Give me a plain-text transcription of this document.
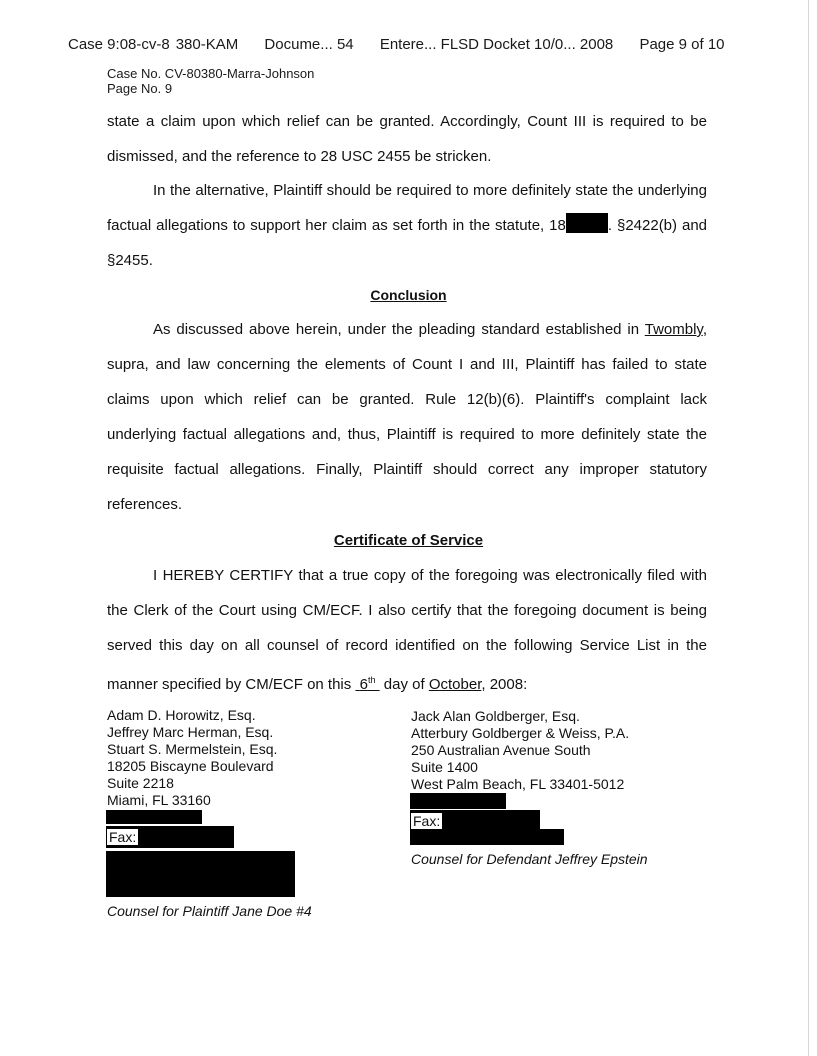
Case 9:08-cv-8  380-KAM Docume... 54 Entere... FLSD Docket 10/0... 2008 Page 9 of 10
Case No. CV-80380-Marra-Johnson
Page No. 9
state a claim upon which relief can be granted. Accordingly, Count III is required to be dismissed, and the reference to 28 USC 2455 be stricken.
In the alternative, Plaintiff should be required to more definitely state the underlying factual allegations to support her claim as set forth in the statute, 18	. §2422(b) and §2455.
Conclusion
As discussed above herein, under the pleading standard established in Twombly, supra, and law concerning the elements of Count I and III, Plaintiff has failed to state claims upon which relief can be granted. Rule 12(b)(6). Plaintiff's complaint lack underlying factual allegations and, thus, Plaintiff is required to more definitely state the requisite factual allegations. Finally, Plaintiff should correct any improper statutory references.
Certificate of Service
I HEREBY CERTIFY that a true copy of the foregoing was electronically filed with the Clerk of the Court using CM/ECF. I also certify that the foregoing document is being served this day on all counsel of record identified on the following Service List in the manner specified by CM/ECF on this  6th  day of October, 2008:
Adam D. Horowitz, Esq.
Jeffrey Marc Herman, Esq.
Stuart S. Mermelstein, Esq.
18205 Biscayne Boulevard
Suite 2218
Miami, FL 33160
Fax:
Counsel for Plaintiff Jane Doe #4
Jack Alan Goldberger, Esq.
Atterbury Goldberger & Weiss, P.A.
250 Australian Avenue South
Suite 1400
West Palm Beach, FL 33401-5012
Fax:
Counsel for Defendant Jeffrey Epstein
